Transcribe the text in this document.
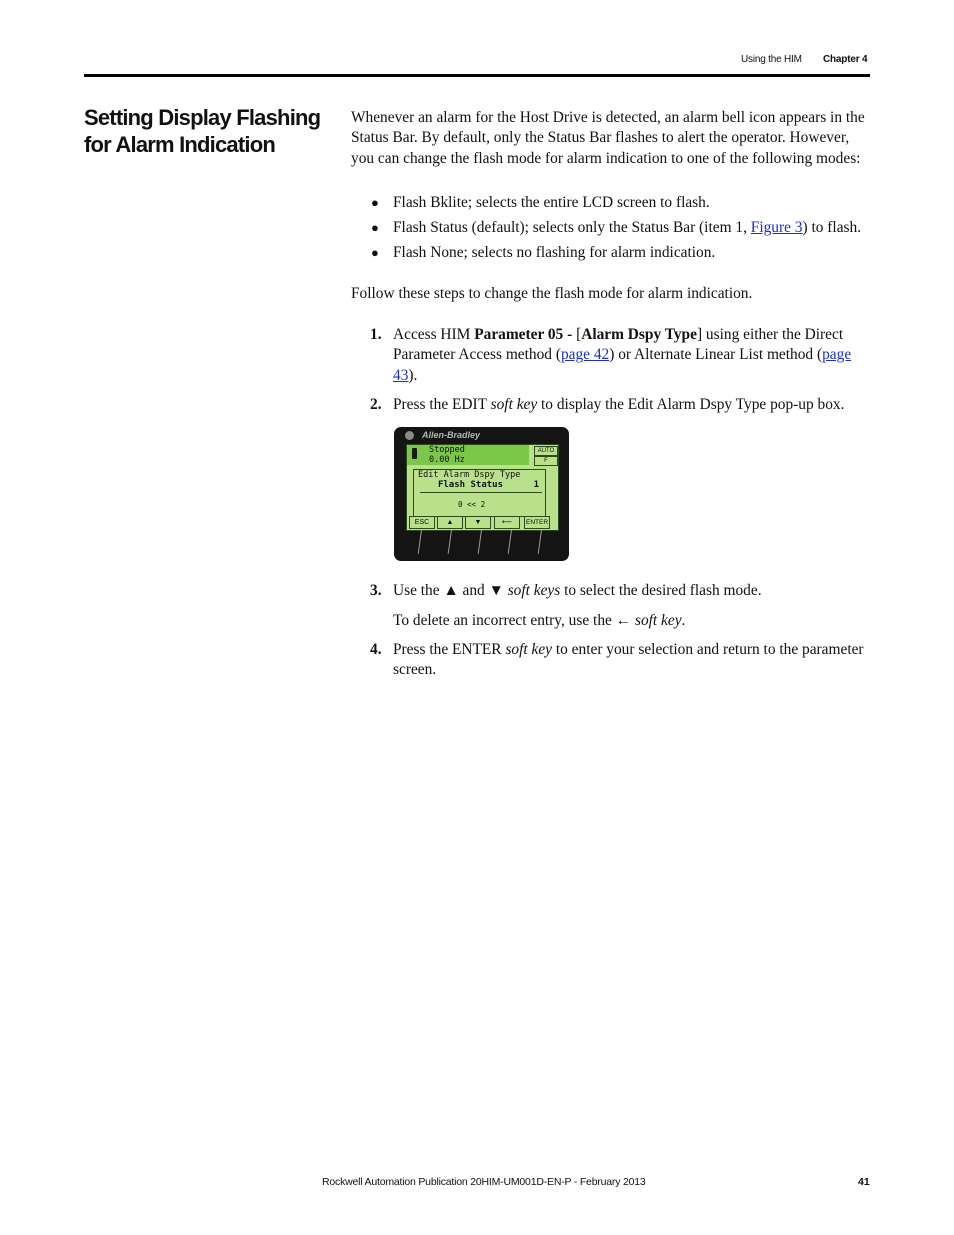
Using the HIM Chapter 4
Setting Display Flashing for Alarm Indication
Whenever an alarm for the Host Drive is detected, an alarm bell icon appears in the Status Bar. By default, only the Status Bar flashes to alert the operator. However, you can change the flash mode for alarm indication to one of the following modes:
● Flash Bklite; selects the entire LCD screen to flash.
● Flash Status (default); selects only the Status Bar (item 1, Figure 3) to flash.
● Flash None; selects no flashing for alarm indication.
Follow these steps to change the flash mode for alarm indication.
1. Access HIM Parameter 05 - [Alarm Dspy Type] using either the Direct Parameter Access method (page 42) or Alternate Linear List method (page 43).
2. Press the EDIT soft key to display the Edit Alarm Dspy Type pop-up box.
Allen-Bradley
Stopped
0.00 Hz
AUTO
F
Edit Alarm Dspy Type
Flash Status	1
0 << 2
ESC	▲	▼	⟵	ENTER
3. Use the ▲ and ▼ soft keys to select the desired flash mode.
To delete an incorrect entry, use the ← soft key.
4. Press the ENTER soft key to enter your selection and return to the parameter screen.
Rockwell Automation Publication 20HIM-UM001D-EN-P - February 2013	41
